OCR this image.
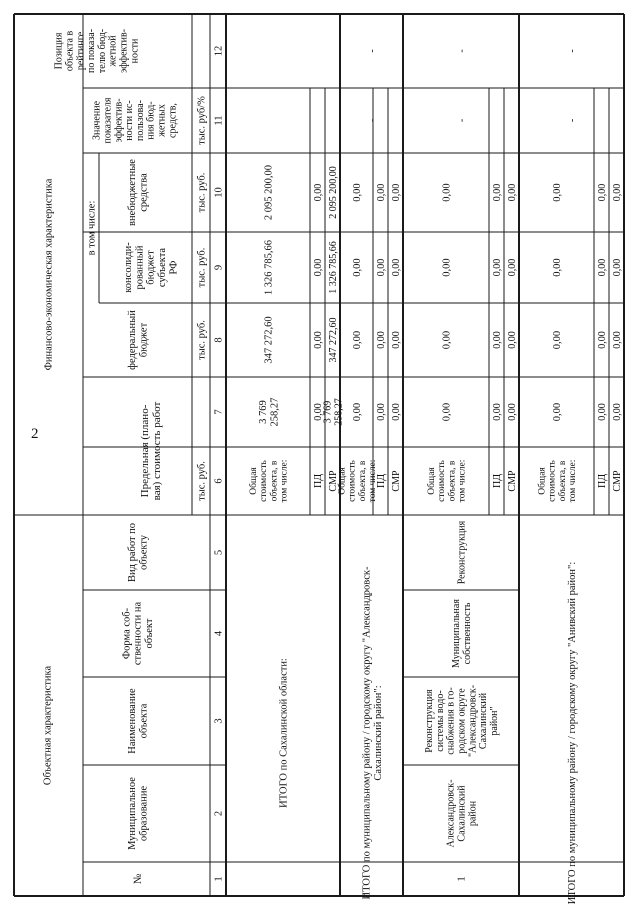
2
Объектная характеристика
Финансово-экономическая характеристика	в том числе:
№
Муниципальноеобразование
Наименованиеобъекта
Форма соб-ственности наобъект
Вид работ пообъекту
Предельная (плано-вая) стоимость работ
федеральныйбюджет
консолиди-рованныйбюджетсубъектаРФ
внебюджетныесредства
Значениепоказателяэффектив-ности ис-пользова-ния бюд-жетныхсредств,
Позицияобъекта врейтингепо показа-телю бюд-жетнойэффектив-ности
тыс. руб.
тыс. руб.
тыс. руб.
тыс. руб.
тыс. руб/%
1
2
3
4
5
6
7
8
9
10
11
12
ИТОГО по Сахалинской области:
Общаястоимостьобъекта, втом числе: ПД СМР
3 769258,27
347 272,60
1 326 785,66
2 095 200,00
0,00
0,00
0,00
0,00
3 769258,27
347 272,60
1 326 785,66
2 095 200,00
ИТОГО по муниципальному району / городскому округу "Александровск-Сахалинский район":
Общаястоимостьобъекта, втом числе:
ПД СМР
0,00
0,00
0,00
0,00
-
-
0,00
0,00
0,00
0,00
0,00
0,00
0,00
0,00
1
Александровск-Сахалинскийрайон
Реконструкциясистемы водо-снабжения в го-родском округе"Александровск-Сахалинскийрайон"
Муниципальнаясобственность
Реконструкция
Общаястоимостьобъекта, втом числе: ПД СМР
0,00
0,00
0,00
0,00
-
-
0,00
0,00
0,00
0,00
0,00
0,00
0,00
0,00
ИТОГО по муниципальному району / городскому округу "Анивский район":
Общаястоимостьобъекта, втом числе: ПД СМР
0,00
0,00
0,00
0,00
-
-
0,00
0,00
0,00
0,00
0,00
0,00
0,00
0,00
